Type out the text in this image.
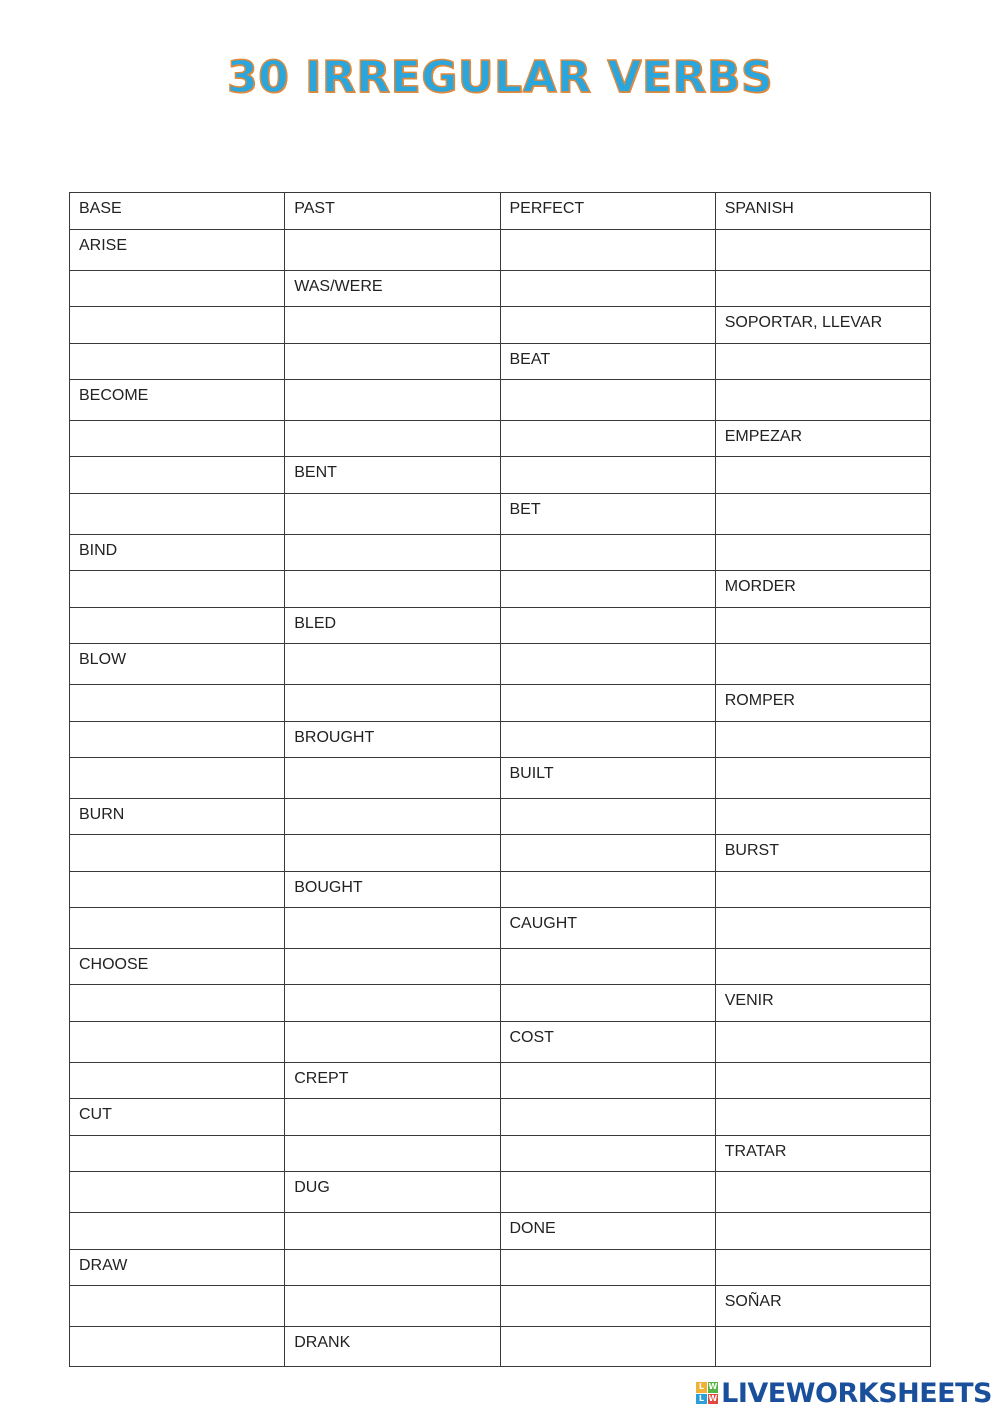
30 IRREGULAR VERBS
BASE	PAST	PERFECT	SPANISH
ARISE			
	WAS/WERE		
			SOPORTAR, LLEVAR
		BEAT	
BECOME			
			EMPEZAR
	BENT		
		BET	
BIND			
			MORDER
	BLED		
BLOW			
			ROMPER
	BROUGHT		
		BUILT	
BURN			
			BURST
	BOUGHT		
		CAUGHT	
CHOOSE			
			VENIR
		COST	
	CREPT		
CUT			
			TRATAR
	DUG		
		DONE	
DRAW			
			SOÑAR
	DRANK		
L W
L W LIVEWORKSHEETS
